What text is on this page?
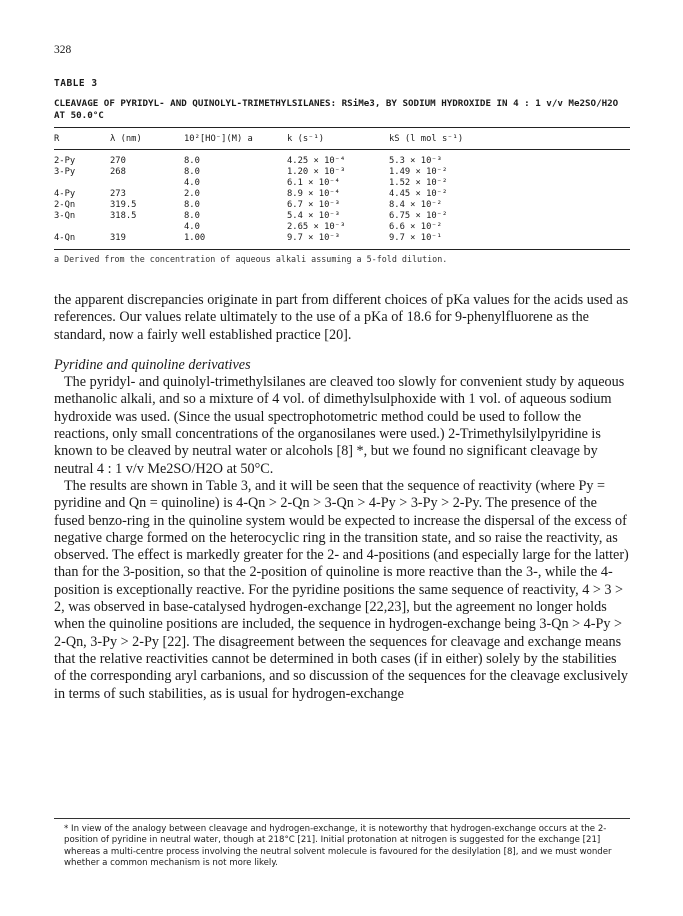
328
TABLE 3
CLEAVAGE OF PYRIDYL- AND QUINOLYL-TRIMETHYLSILANES: RSiMe3, BY SODIUM HYDROXIDE IN 4 : 1 v/v Me2SO/H2O AT 50.0°C
R	λ (nm)	10²[HO⁻](M) a	k (s⁻¹)	kS (l mol s⁻¹)
2-Py	270	8.0	4.25 × 10⁻⁴	5.3 × 10⁻³
3-Py	268	8.0	1.20 × 10⁻³	1.49 × 10⁻²
		4.0	6.1 × 10⁻⁴	1.52 × 10⁻²
4-Py	273	2.0	8.9 × 10⁻⁴	4.45 × 10⁻²
2-Qn	319.5	8.0	6.7 × 10⁻³	8.4 × 10⁻²
3-Qn	318.5	8.0	5.4 × 10⁻³	6.75 × 10⁻²
		4.0	2.65 × 10⁻³	6.6 × 10⁻²
4-Qn	319	1.00	9.7 × 10⁻³	9.7 × 10⁻¹
a Derived from the concentration of aqueous alkali assuming a 5-fold dilution.

the apparent discrepancies originate in part from different choices of pKa values for the acids used as references. Our values relate ultimately to the use of a pKa of 18.6 for 9-phenylfluorene as the standard, now a fairly well established practice [20].

Pyridine and quinoline derivatives

The pyridyl- and quinolyl-trimethylsilanes are cleaved too slowly for convenient study by aqueous methanolic alkali, and so a mixture of 4 vol. of dimethylsulphoxide with 1 vol. of aqueous sodium hydroxide was used. (Since the usual spectrophotometric method could be used to follow the reactions, only small concentrations of the organosilanes were used.) 2-Trimethylsilylpyridine is known to be cleaved by neutral water or alcohols [8] *, but we found no significant cleavage by neutral 4 : 1 v/v Me2SO/H2O at 50°C.

The results are shown in Table 3, and it will be seen that the sequence of reactivity (where Py = pyridine and Qn = quinoline) is 4-Qn > 2-Qn > 3-Qn > 4-Py > 3-Py > 2-Py. The presence of the fused benzo-ring in the quinoline system would be expected to increase the dispersal of the excess of negative charge formed on the heterocyclic ring in the transition state, and so raise the reactivity, as observed. The effect is markedly greater for the 2- and 4-positions (and especially large for the latter) than for the 3-position, so that the 2-position of quinoline is more reactive than the 3-, while the 4-position is exceptionally reactive. For the pyridine positions the same sequence of reactivity, 4 > 3 > 2, was observed in base-catalysed hydrogen-exchange [22,23], but the agreement no longer holds when the quinoline positions are included, the sequence in hydrogen-exchange being 3-Qn > 4-Py > 2-Qn, 3-Py > 2-Py [22]. The disagreement between the sequences for cleavage and exchange means that the relative reactivities cannot be determined in both cases (if in either) solely by the stabilities of the corresponding aryl carbanions, and so discussion of the sequences for the cleavage exclusively in terms of such stabilities, as is usual for hydrogen-exchange

* In view of the analogy between cleavage and hydrogen-exchange, it is noteworthy that hydrogen-exchange occurs at the 2-position of pyridine in neutral water, though at 218°C [21]. Initial protonation at nitrogen is suggested for the exchange [21] whereas a multi-centre process involving the neutral solvent molecule is favoured for the desilylation [8], and we must wonder whether a common mechanism is not more likely.
